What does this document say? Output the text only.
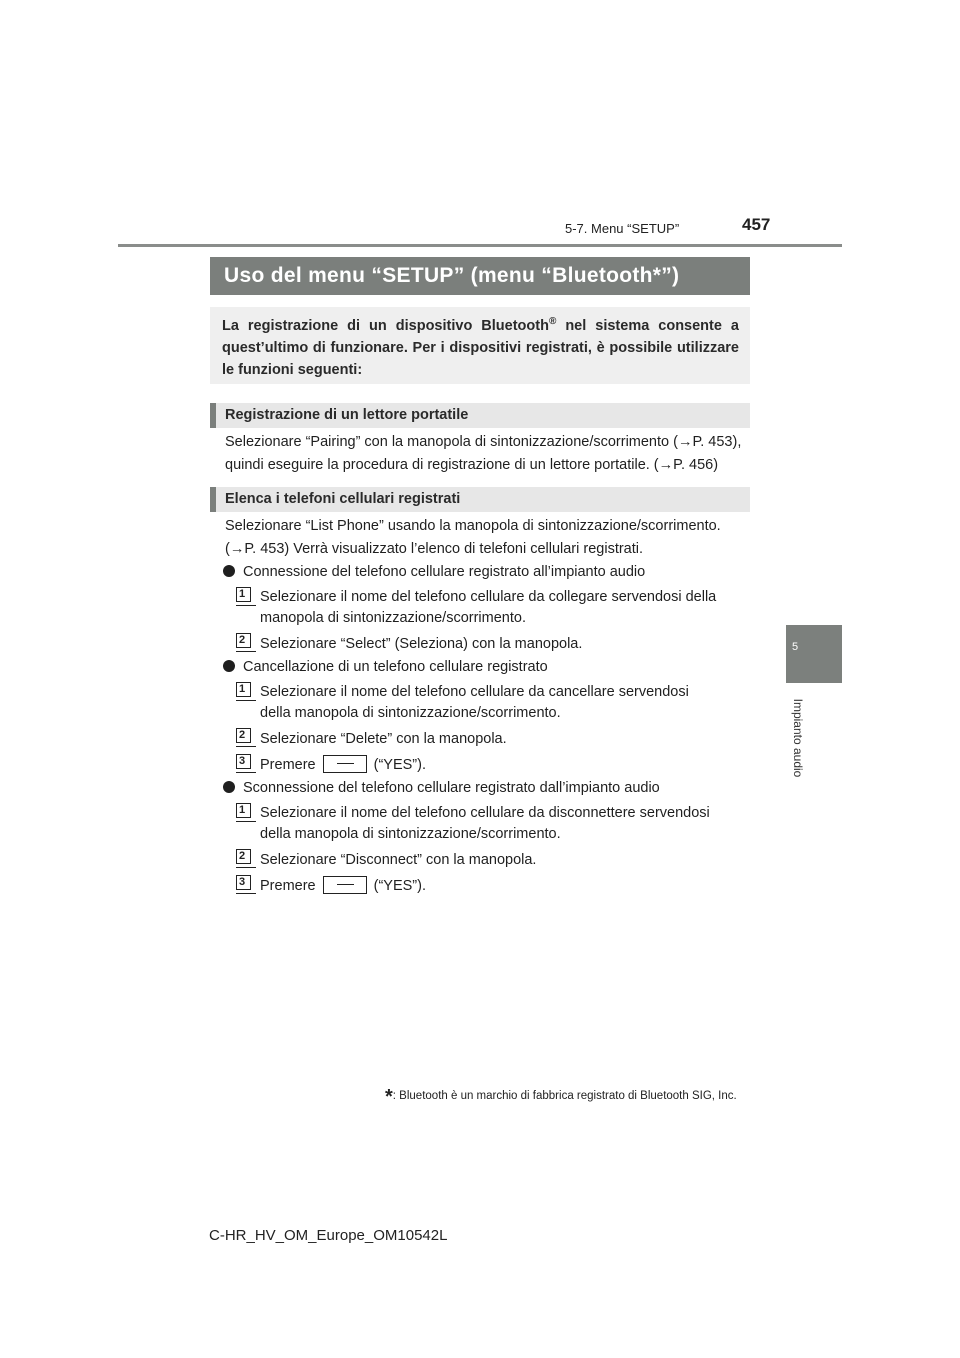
5-7. Menu “SETUP”	457
5
Impianto audio
Uso del menu “SETUP” (menu “Bluetooth*”)
La registrazione di un dispositivo Bluetooth® nel sistema consente a quest’ultimo di funzionare. Per i dispositivi registrati, è possibile utilizzare le funzioni seguenti:
Registrazione di un lettore portatile
Selezionare “Pairing” con la manopola di sintonizzazione/scorrimento (→P. 453),
quindi eseguire la procedura di registrazione di un lettore portatile. (→P. 456)
Elenca i telefoni cellulari registrati
Selezionare “List Phone” usando la manopola di sintonizzazione/scorrimento.
(→P. 453) Verrà visualizzato l’elenco di telefoni cellulari registrati.
Connessione del telefono cellulare registrato all’impianto audio
1	Selezionare il nome del telefono cellulare da collegare servendosi della
manopola di sintonizzazione/scorrimento.
2	Selezionare “Select” (Seleziona) con la manopola.
Cancellazione di un telefono cellulare registrato
1	Selezionare il nome del telefono cellulare da cancellare servendosi
della manopola di sintonizzazione/scorrimento.
2	Selezionare “Delete” con la manopola.
3	Premere	(“YES”).
Sconnessione del telefono cellulare registrato dall’impianto audio
1	Selezionare il nome del telefono cellulare da disconnettere servendosi
della manopola di sintonizzazione/scorrimento.
2	Selezionare “Disconnect” con la manopola.
3	Premere	(“YES”).
*: Bluetooth è un marchio di fabbrica registrato di Bluetooth SIG, Inc.
C-HR_HV_OM_Europe_OM10542L
